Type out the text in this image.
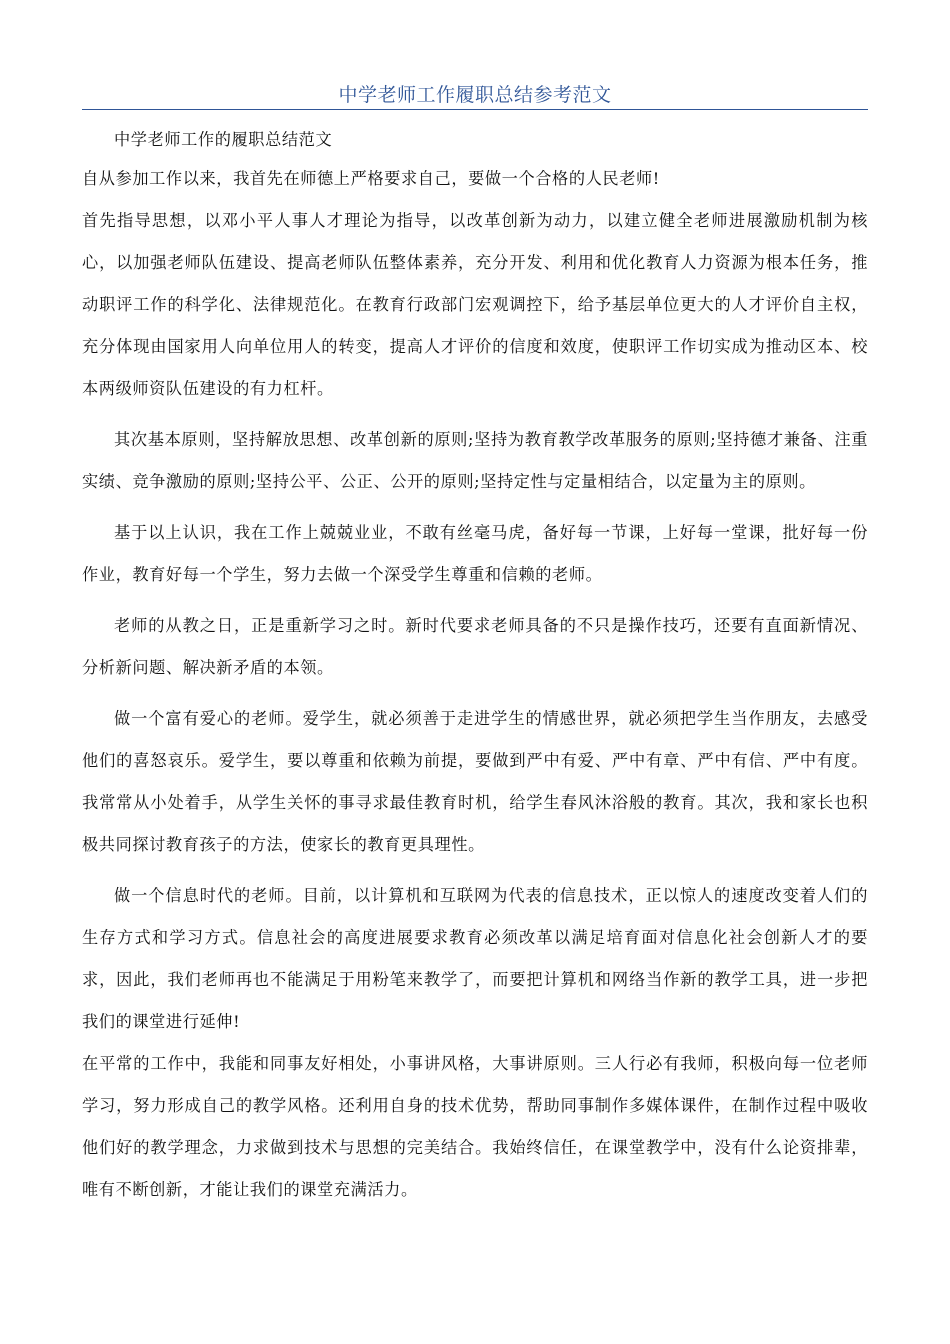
中学老师工作履职总结参考范文

中学老师工作的履职总结范文

自从参加工作以来，我首先在师德上严格要求自己，要做一个合格的人民老师!

首先指导思想，以邓小平人事人才理论为指导，以改革创新为动力，以建立健全老师进展激励机制为核心，以加强老师队伍建设、提高老师队伍整体素养，充分开发、利用和优化教育人力资源为根本任务，推动职评工作的科学化、法律规范化。在教育行政部门宏观调控下，给予基层单位更大的人才评价自主权，充分体现由国家用人向单位用人的转变，提高人才评价的信度和效度，使职评工作切实成为推动区本、校本两级师资队伍建设的有力杠杆。

其次基本原则，坚持解放思想、改革创新的原则;坚持为教育教学改革服务的原则;坚持德才兼备、注重实绩、竞争激励的原则;坚持公平、公正、公开的原则;坚持定性与定量相结合，以定量为主的原则。

基于以上认识，我在工作上兢兢业业，不敢有丝毫马虎，备好每一节课，上好每一堂课，批好每一份作业，教育好每一个学生，努力去做一个深受学生尊重和信赖的老师。

老师的从教之日，正是重新学习之时。新时代要求老师具备的不只是操作技巧，还要有直面新情况、分析新问题、解决新矛盾的本领。

做一个富有爱心的老师。爱学生，就必须善于走进学生的情感世界，就必须把学生当作朋友，去感受他们的喜怒哀乐。爱学生，要以尊重和依赖为前提，要做到严中有爱、严中有章、严中有信、严中有度。我常常从小处着手，从学生关怀的事寻求最佳教育时机，给学生春风沐浴般的教育。其次，我和家长也积极共同探讨教育孩子的方法，使家长的教育更具理性。

做一个信息时代的老师。目前，以计算机和互联网为代表的信息技术，正以惊人的速度改变着人们的生存方式和学习方式。信息社会的高度进展要求教育必须改革以满足培育面对信息化社会创新人才的要求，因此，我们老师再也不能满足于用粉笔来教学了，而要把计算机和网络当作新的教学工具，进一步把我们的课堂进行延伸!

在平常的工作中，我能和同事友好相处，小事讲风格，大事讲原则。三人行必有我师，积极向每一位老师学习，努力形成自己的教学风格。还利用自身的技术优势，帮助同事制作多媒体课件，在制作过程中吸收他们好的教学理念，力求做到技术与思想的完美结合。我始终信任，在课堂教学中，没有什么论资排辈，唯有不断创新，才能让我们的课堂充满活力。
